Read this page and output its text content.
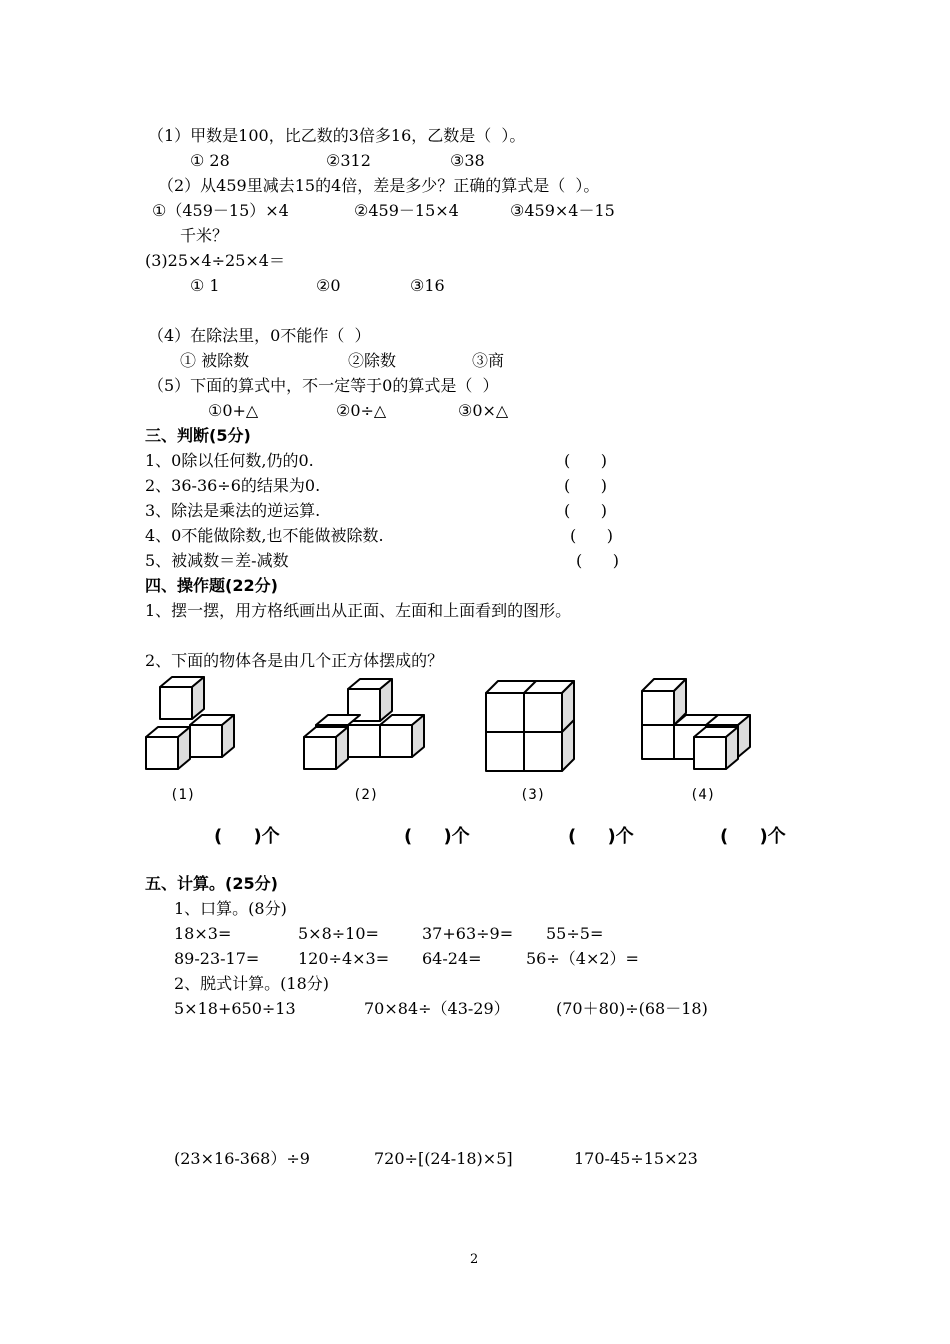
（1）甲数是100，比乙数的3倍多16，乙数是（  ）。
① 28	②312	③38
（2）从459里减去15的4倍，差是多少？正确的算式是（  ）。
①（459－15）×4	②459－15×4	③459×4－15
千米？
(3)25×4÷25×4＝
① 1	②0	③16
（4）在除法里，0不能作（  ）
① 被除数	②除数	③商
（5）下面的算式中，不一定等于0的算式是（  ）
①0+△	②0÷△	③0×△
三、判断(5分)
1、0除以任何数,仍的0.	(      )
2、36-36÷6的结果为0.	(      )
3、除法是乘法的逆运算.	(      )
4、0不能做除数,也不能做被除数.	(      )
5、被减数＝差-减数	(      )
四、操作题(22分)
1、摆一摆，用方格纸画出从正面、左面和上面看到的图形。
2、下面的物体各是由几个正方体摆成的？
(1)	(2)	(3)	(4)
(     )个	(     )个	(     )个	(     )个
五、计算。(25分)
1、口算。(8分)
18×3=	5×8÷10=	37+63÷9= 55÷5=
89-23-17= 120÷4×3= 64-24=	56÷（4×2）=
2、脱式计算。(18分)
5×18+650÷13	70×84÷（43-29）	(70＋80)÷(68－18)
(23×16-368）÷9	720÷[(24-18)×5]	170-45÷15×23
2
